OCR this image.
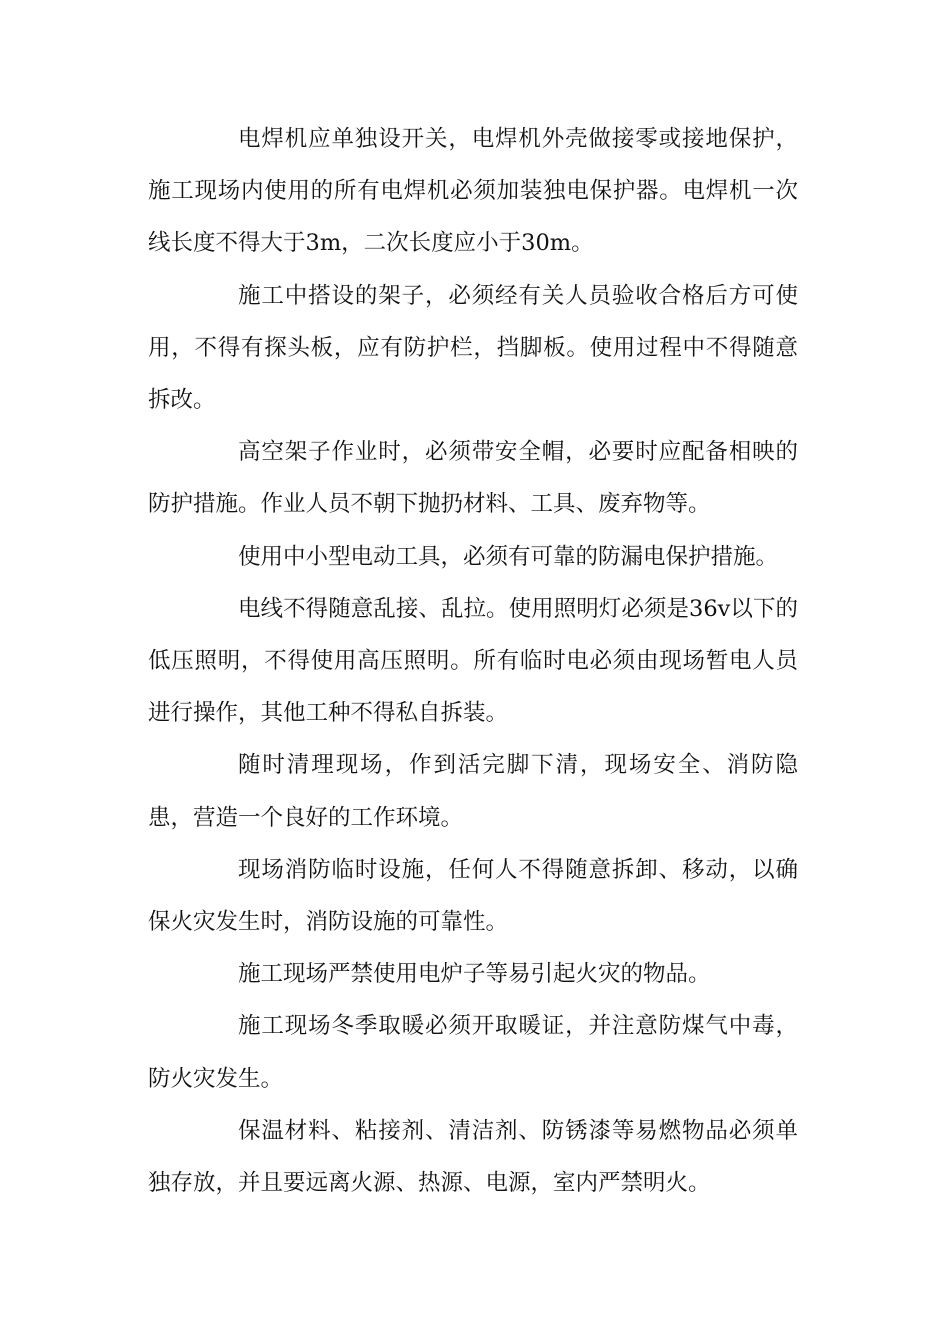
电焊机应单独设开关，电焊机外壳做接零或接地保护，施工现场内使用的所有电焊机必须加装独电保护器。电焊机一次线长度不得大于3m，二次长度应小于30m。

施工中搭设的架子，必须经有关人员验收合格后方可使用，不得有探头板，应有防护栏，挡脚板。使用过程中不得随意拆改。

高空架子作业时，必须带安全帽，必要时应配备相映的防护措施。作业人员不朝下抛扔材料、工具、废弃物等。

使用中小型电动工具，必须有可靠的防漏电保护措施。

电线不得随意乱接、乱拉。使用照明灯必须是36v以下的低压照明，不得使用高压照明。所有临时电必须由现场暂电人员进行操作，其他工种不得私自拆装。

随时清理现场，作到活完脚下清，现场安全、消防隐患，营造一个良好的工作环境。

现场消防临时设施，任何人不得随意拆卸、移动，以确保火灾发生时，消防设施的可靠性。

施工现场严禁使用电炉子等易引起火灾的物品。

施工现场冬季取暖必须开取暖证，并注意防煤气中毒，防火灾发生。

保温材料、粘接剂、清洁剂、防锈漆等易燃物品必须单独存放，并且要远离火源、热源、电源，室内严禁明火。
